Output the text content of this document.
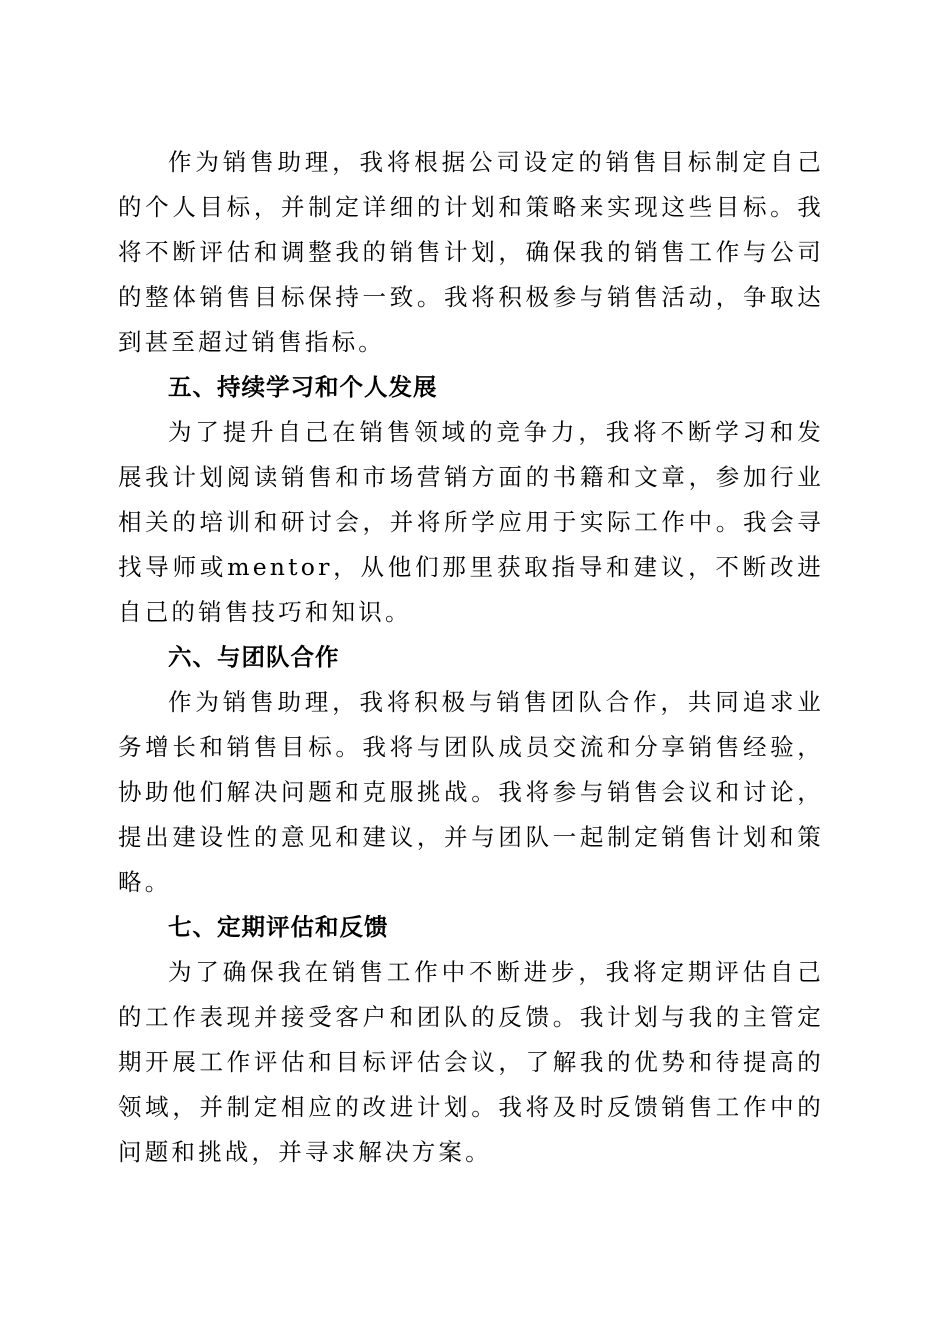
作为销售助理，我将根据公司设定的销售目标制定自己的个人目标，并制定详细的计划和策略来实现这些目标。我将不断评估和调整我的销售计划，确保我的销售工作与公司的整体销售目标保持一致。我将积极参与销售活动，争取达到甚至超过销售指标。

五、持续学习和个人发展

为了提升自己在销售领域的竞争力，我将不断学习和发展我计划阅读销售和市场营销方面的书籍和文章，参加行业相关的培训和研讨会，并将所学应用于实际工作中。我会寻找导师或mentor，从他们那里获取指导和建议，不断改进自己的销售技巧和知识。

六、与团队合作

作为销售助理，我将积极与销售团队合作，共同追求业务增长和销售目标。我将与团队成员交流和分享销售经验，协助他们解决问题和克服挑战。我将参与销售会议和讨论，提出建设性的意见和建议，并与团队一起制定销售计划和策略。

七、定期评估和反馈

为了确保我在销售工作中不断进步，我将定期评估自己的工作表现并接受客户和团队的反馈。我计划与我的主管定期开展工作评估和目标评估会议，了解我的优势和待提高的领域，并制定相应的改进计划。我将及时反馈销售工作中的问题和挑战，并寻求解决方案。
